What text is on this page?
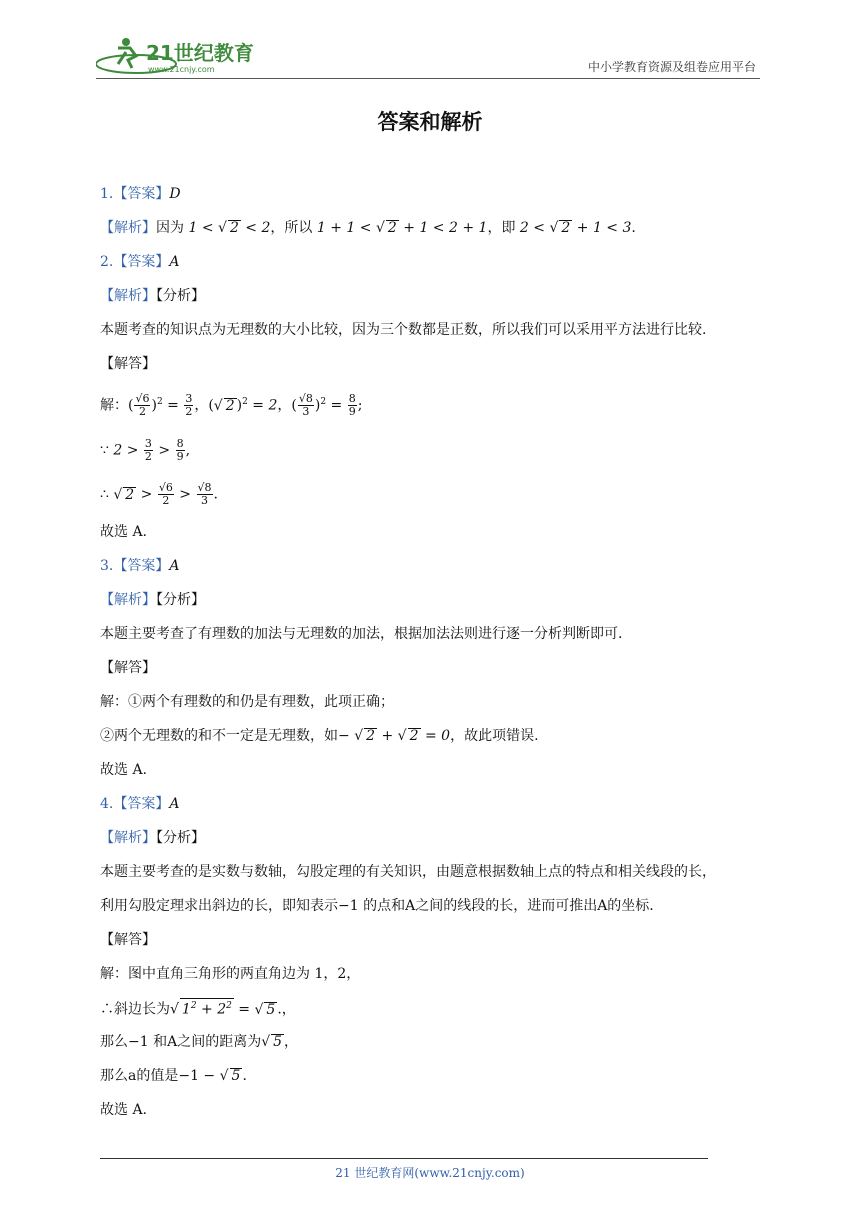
21世纪教育
www.21cnjy.com	中小学教育资源及组卷应用平台
答案和解析
1.【答案】D
【解析】因为 1 < √ 2 < 2，所以 1 + 1 < √ 2 + 1 < 2 + 1，即 2 < √ 2 + 1 < 3.
2.【答案】A
【解析】【分析】
本题考查的知识点为无理数的大小比较，因为三个数都是正数，所以我们可以采用平方法进行比较.
【解答】
解：( $\frac{√6}{2} )^2 = \frac{3}{2}$ ，(√ 2 )$^2$ = 2，( $\frac{√8}{3} )^2 = \frac{8}{9}$ ;
∵ $2 > \frac{3}{2} > \frac{8}{9}$ ,
∴ √ $2 > \frac{√6}{2} > \frac{√8}{3}$ .
故选 A.
3.【答案】A
【解析】【分析】
本题主要考查了有理数的加法与无理数的加法，根据加法法则进行逐一分析判断即可.
【解答】
解：①两个有理数的和仍是有理数，此项正确；
②两个无理数的和不一定是无理数，如− √ 2 + √ 2 = 0，故此项错误.
故选 A.
4.【答案】A
【解析】【分析】
本题主要考查的是实数与数轴，勾股定理的有关知识，由题意根据数轴上点的特点和相关线段的长，
利用勾股定理求出斜边的长，即知表示−1 的点和A之间的线段的长，进而可推出A的坐标.
【解答】
解：图中直角三角形的两直角边为 1，2，
∴斜边长为√ $1^2 + 2^2$ = √ 5 .，
那么−1 和A之间的距离为√ 5 ，
那么a的值是−1 − √ 5 .
故选 A.
21 世纪教育网(www.21cnjy.com)
